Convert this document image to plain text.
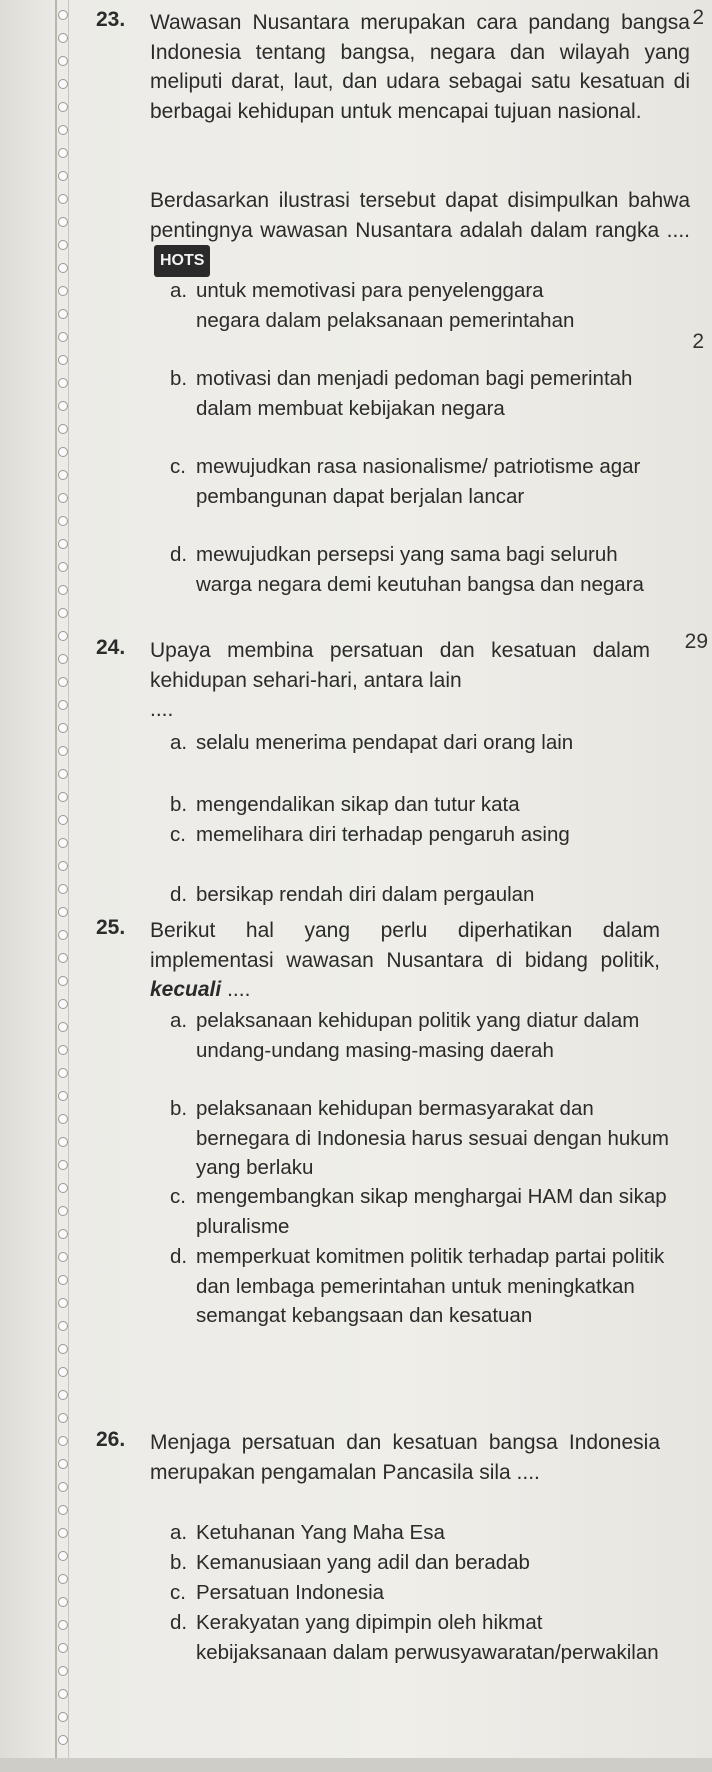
2
2
29
23. Wawasan Nusantara merupakan cara pandang bangsa Indonesia tentang bangsa, negara dan wilayah yang meliputi darat, laut, dan udara sebagai satu kesatuan di berbagai kehidupan untuk mencapai tujuan nasional.
Berdasarkan ilustrasi tersebut dapat disimpulkan bahwa pentingnya wawasan Nusantara adalah dalam rangka .... HOTS
a. untuk memotivasi para penyelenggara negara dalam pelaksanaan pemerintahan
b. motivasi dan menjadi pedoman bagi pemerintah dalam membuat kebijakan negara
c. mewujudkan rasa nasionalisme/ patriotisme agar pembangunan dapat berjalan lancar
d. mewujudkan persepsi yang sama bagi seluruh warga negara demi keutuhan bangsa dan negara
24. Upaya membina persatuan dan kesatuan dalam kehidupan sehari-hari, antara lain
....
a. selalu menerima pendapat dari orang lain
b. mengendalikan sikap dan tutur kata
c. memelihara diri terhadap pengaruh asing
d. bersikap rendah diri dalam pergaulan
25. Berikut hal yang perlu diperhatikan dalam implementasi wawasan Nusantara di bidang politik, kecuali ....
a. pelaksanaan kehidupan politik yang diatur dalam undang-undang masing-masing daerah
b. pelaksanaan kehidupan bermasyarakat dan bernegara di Indonesia harus sesuai dengan hukum yang berlaku
c. mengembangkan sikap menghargai HAM dan sikap pluralisme
d. memperkuat komitmen politik terhadap partai politik dan lembaga pemerintahan untuk meningkatkan semangat kebangsaan dan kesatuan
26. Menjaga persatuan dan kesatuan bangsa Indonesia merupakan pengamalan Pancasila sila ....
a. Ketuhanan Yang Maha Esa
b. Kemanusiaan yang adil dan beradab
c. Persatuan Indonesia
d. Kerakyatan yang dipimpin oleh hikmat kebijaksanaan dalam perwusyawaratan/perwakilan
